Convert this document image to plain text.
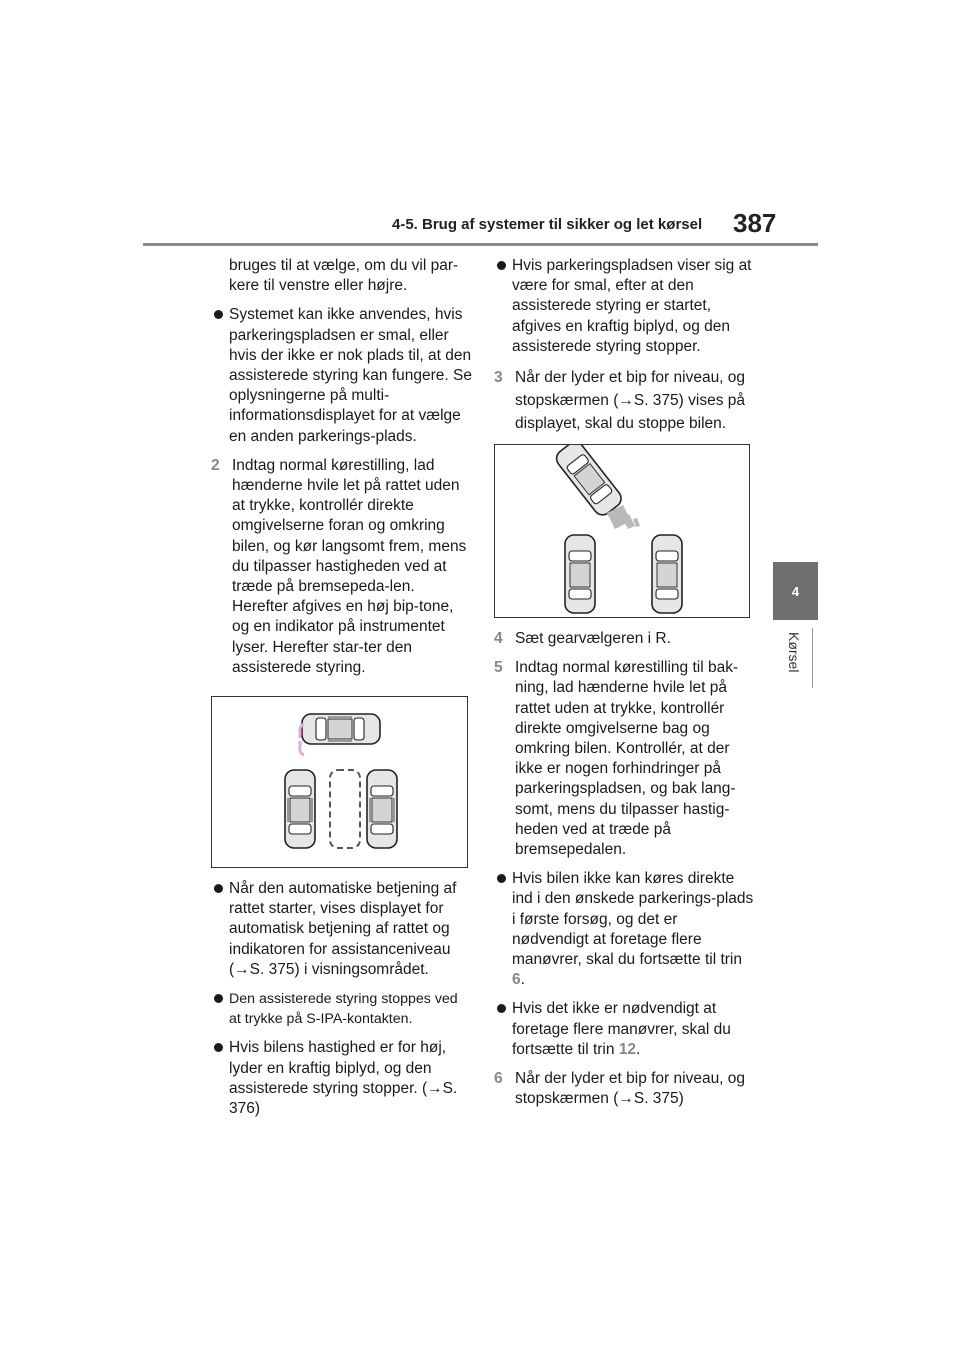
4-5. Brug af systemer til sikker og let kørsel 387
4
Kørsel

bruges til at vælge, om du vil par-kere til venstre eller højre.

Systemet kan ikke anvendes, hvis parkeringspladsen er smal, eller hvis der ikke er nok plads til, at den assisterede styring kan fungere. Se oplysningerne på multi-informationsdisplayet for at vælge en anden parkerings-plads.
2 Indtag normal kørestilling, lad hænderne hvile let på rattet uden at trykke, kontrollér direkte omgivelserne foran og omkring bilen, og kør langsomt frem, mens du tilpasser hastigheden ved at træde på bremsepeda-len. Herefter afgives en høj bip-tone, og en indikator på instrumentet lyser. Herefter star-ter den assisterede styring.
Når den automatiske betjening af rattet starter, vises displayet for automatisk betjening af rattet og indikatoren for assistanceniveau (→S. 375) i visningsområdet.
Den assisterede styring stoppes ved at trykke på S-IPA-kontakten.
Hvis bilens hastighed er for høj, lyder en kraftig biplyd, og den assisterede styring stopper. (→S. 376)
Hvis parkeringspladsen viser sig at være for smal, efter at den assisterede styring er startet, afgives en kraftig biplyd, og den assisterede styring stopper.
3 Når der lyder et bip for niveau, og stopskærmen (→S. 375) vises på displayet, skal du stoppe bilen.
4 Sæt gearvælgeren i R.
5 Indtag normal kørestilling til bak-ning, lad hænderne hvile let på rattet uden at trykke, kontrollér direkte omgivelserne bag og omkring bilen. Kontrollér, at der ikke er nogen forhindringer på parkeringspladsen, og bak lang-somt, mens du tilpasser hastig-heden ved at træde på bremsepedalen.
Hvis bilen ikke kan køres direkte ind i den ønskede parkerings-plads i første forsøg, og det er nødvendigt at foretage flere manøvrer, skal du fortsætte til trin 6.
Hvis det ikke er nødvendigt at foretage flere manøvrer, skal du fortsætte til trin 12.
6 Når der lyder et bip for niveau, og stopskærmen (→S. 375)
